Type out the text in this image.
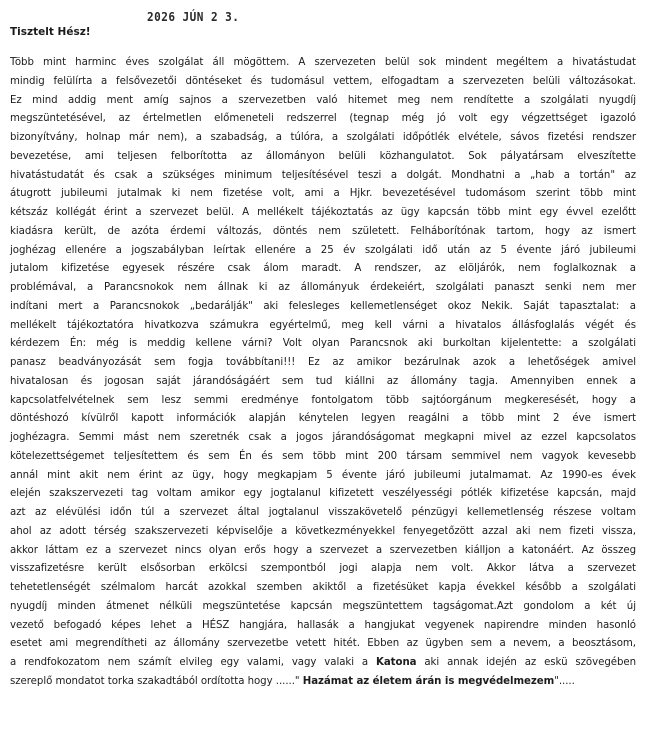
2026 JÚN 2 3.
Tisztelt Hész!
Több mint harminc éves szolgálat áll mögöttem. A szervezeten belül sok mindent megéltem a hivatástudat
mindig felülírta a felsővezetői döntéseket és tudomásul vettem, elfogadtam a szervezeten belüli változásokat.
Ez mind addig ment amíg sajnos a szervezetben való hitemet meg nem rendítette a szolgálati nyugdíj
megszüntetésével, az értelmetlen előmeneteli redszerrel (tegnap még jó volt egy végzettséget igazoló
bizonyítvány, holnap már nem), a szabadság, a túlóra, a szolgálati időpótlék elvétele, sávos fizetési rendszer
bevezetése, ami teljesen felborította az állományon belüli közhangulatot. Sok pályatársam elveszítette
hivatástudatát és csak a szükséges minimum teljesítésével teszi a dolgát. Mondhatni a „hab a tortán" az
átugrott jubileumi jutalmak ki nem fizetése volt, ami a Hjkr. bevezetésével tudomásom szerint több mint
kétszáz kollégát érint a szervezet belül. A mellékelt tájékoztatás az ügy kapcsán több mint egy évvel ezelőtt
kiadásra került, de azóta érdemi változás, döntés nem született. Felháborítónak tartom, hogy az ismert
joghézag ellenére a jogszabályban leírtak ellenére a 25 év szolgálati idő után az 5 évente járó jubileumi
jutalom kifizetése egyesek részére csak álom maradt. A rendszer, az elöljárók, nem foglalkoznak a
problémával, a Parancsnokok nem állnak ki az állományuk érdekeiért, szolgálati panaszt senki nem mer
indítani mert a Parancsnokok „bedarálják" aki felesleges kellemetlenséget okoz Nekik. Saját tapasztalat: a
mellékelt tájékoztatóra hivatkozva számukra egyértelmű, meg kell várni a hivatalos állásfoglalás végét és
kérdezem Én: még is meddig kellene várni? Volt olyan Parancsnok aki burkoltan kijelentette: a szolgálati
panasz beadványozását sem fogja továbbítani!!! Ez az amikor bezárulnak azok a lehetőségek amivel
hivatalosan és jogosan saját járandóságáért sem tud kiállni az állomány tagja. Amennyiben ennek a
kapcsolatfelvételnek sem lesz semmi eredménye fontolgatom több sajtóorgánum megkeresését, hogy a
döntéshozó kívülről kapott információk alapján kénytelen legyen reagálni a több mint 2 éve ismert
joghézagra. Semmi mást nem szeretnék csak a jogos járandóságomat megkapni mivel az ezzel kapcsolatos
kötelezettségemet teljesítettem és sem Én és sem több mint 200 társam semmivel nem vagyok kevesebb
annál mint akit nem érint az ügy, hogy megkapjam 5 évente járó jubileumi jutalmamat. Az 1990-es évek
elején szakszervezeti tag voltam amikor egy jogtalanul kifizetett veszélyességi pótlék kifizetése kapcsán, majd
azt az elévülési időn túl a szervezet által jogtalanul visszakövetelő pénzügyi kellemetlenség részese voltam
ahol az adott térség szakszervezeti képviselője a következményekkel fenyegetőzött azzal aki nem fizeti vissza,
akkor láttam ez a szervezet nincs olyan erős hogy a szervezet a szervezetben kiálljon a katonáért. Az összeg
visszafizetésre került elsősorban erkölcsi szempontból jogi alapja nem volt. Akkor látva a szervezet
tehetetlenségét szélmalom harcát azokkal szemben akiktől a fizetésüket kapja évekkel később a szolgálati
nyugdíj minden átmenet nélküli megszüntetése kapcsán megszüntettem tagságomat.Azt gondolom a két új
vezető befogadó képes lehet a HÉSZ hangjára, hallasák a hangjukat vegyenek napirendre minden hasonló
esetet ami megrendítheti az állomány szervezetbe vetett hitét. Ebben az ügyben sem a nevem, a beosztásom,
a rendfokozatom nem számít elvileg egy valami, vagy valaki a Katona aki annak idején az eskü szövegében
szereplő mondatot torka szakadtából ordította hogy ......" Hazámat az életem árán is megvédelmezem".....
